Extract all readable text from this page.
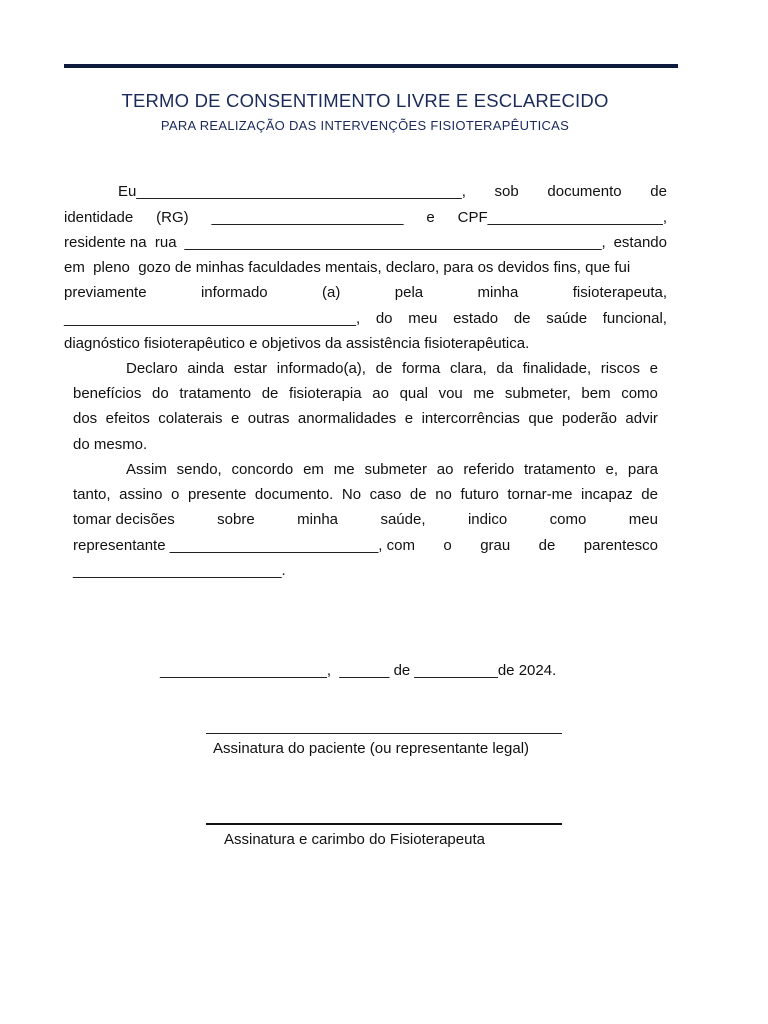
TERMO DE CONSENTIMENTO LIVRE E ESCLARECIDO
PARA REALIZAÇÃO DAS INTERVENÇÕES FISIOTERAPÊUTICAS
Eu_______________________________________, sob documento de
identidade (RG) _______________________ e CPF_____________________,
residente na  rua __________________________________________________, estando
em  pleno  gozo de minhas faculdades mentais, declaro, para os devidos fins, que fui
previamente	informado	(a)	pela	minha	fisioterapeuta,
___________________________________, do meu estado de saúde funcional,
diagnóstico fisioterapêutico e objetivos da assistência fisioterapêutica.
Declaro ainda estar informado(a), de forma clara, da finalidade, riscos e
benefícios do tratamento de fisioterapia ao qual vou me submeter, bem como
dos efeitos colaterais e outras anormalidades e intercorrências que poderão advir
do mesmo.
Assim sendo, concordo em me submeter ao referido tratamento e, para
tanto, assino o presente documento. No caso de no futuro tornar-me incapaz de
tomar decisões	sobre	minha	saúde,	indico	como	meu
representante _________________________, com o grau de parentesco
_________________________.
____________________,  ______ de __________de 2024.
Assinatura do paciente (ou representante legal)
Assinatura e carimbo do Fisioterapeuta
